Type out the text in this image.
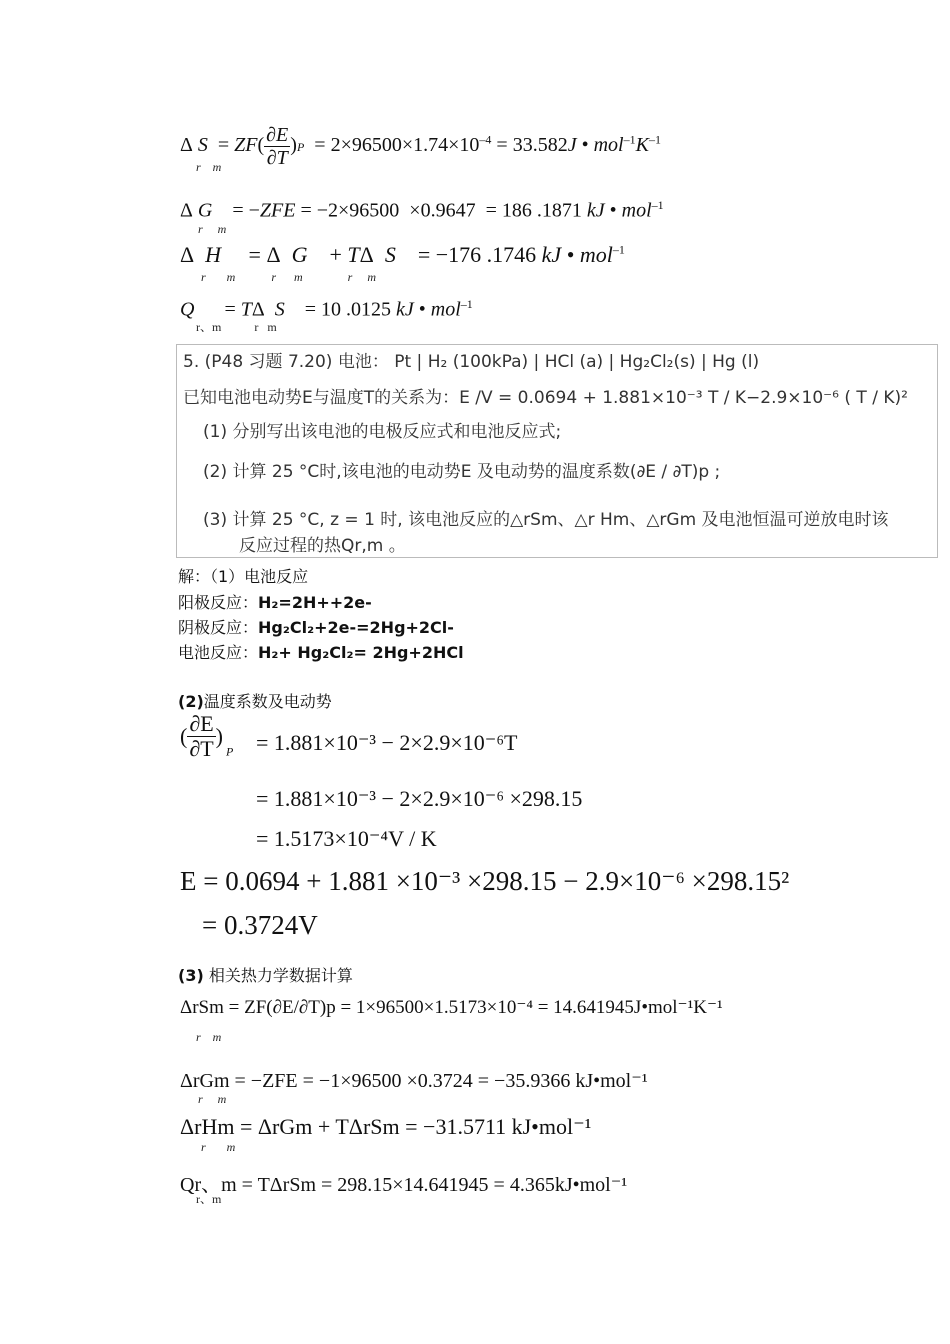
Δ $S = ZF( \frac{\partial E}{\partial T} )P = 2\times 96500\times 1.74\times 10^{-4} = 33.582J$ • $mol^{-1}K^{-1}$
r    m
Δ G    = −ZFE = −2×96500  ×0.9647  = 186 .1871 kJ • mol$^{-1}$
r     m
Δ  H     = Δ  G    + TΔ  S    = −176 .1746 kJ • mol$^{-1}$
r       m            r      m               r     m
Q      = TΔ  S    = 10 .0125 kJ • mol$^{-1}$
r、m           r   m
5. (P48 习题 7.20) 电池： Pt | H₂ (100kPa) | HCl (a) | Hg₂Cl₂(s) | Hg (l)
已知电池电动势E与温度T的关系为：E /V = 0.0694 + 1.881×10⁻³ T / K−2.9×10⁻⁶ ( T / K)²
(1) 分别写出该电池的电极反应式和电池反应式;
(2) 计算 25 °C时,该电池的电动势E 及电动势的温度系数(∂E / ∂T)p ;
(3) 计算 25 °C, z = 1 时, 该电池反应的△rSm、△r Hm、△rGm 及电池恒温可逆放电时该
反应过程的热Qr,m 。
解：（1）电池反应
阳极反应：H₂=2H++2e-
阴极反应：Hg₂Cl₂+2e-=2Hg+2Cl-
电池反应：H₂+ Hg₂Cl₂= 2Hg+2HCl
(2)温度系数及电动势
( $\frac{\partial E}{\partial T}$ ) $_P$ = 1.881×10⁻³ − 2×2.9×10⁻⁶T
= 1.881×10⁻³ − 2×2.9×10⁻⁶ ×298.15
= 1.5173×10⁻⁴V / K
E = 0.0694 + 1.881 ×10⁻³ ×298.15 − 2.9×10⁻⁶ ×298.15²
= 0.3724V
(3) 相关热力学数据计算
ΔrSm = ZF(∂E/∂T)p = 1×96500×1.5173×10⁻⁴ = 14.641945J•mol⁻¹K⁻¹
r    m
ΔrGm = −ZFE = −1×96500 ×0.3724 = −35.9366 kJ•mol⁻¹
r     m
ΔrHm = ΔrGm + TΔrSm = −31.5711 kJ•mol⁻¹
r       m
Qr、m = TΔrSm = 298.15×14.641945 = 4.365kJ•mol⁻¹
r、m
